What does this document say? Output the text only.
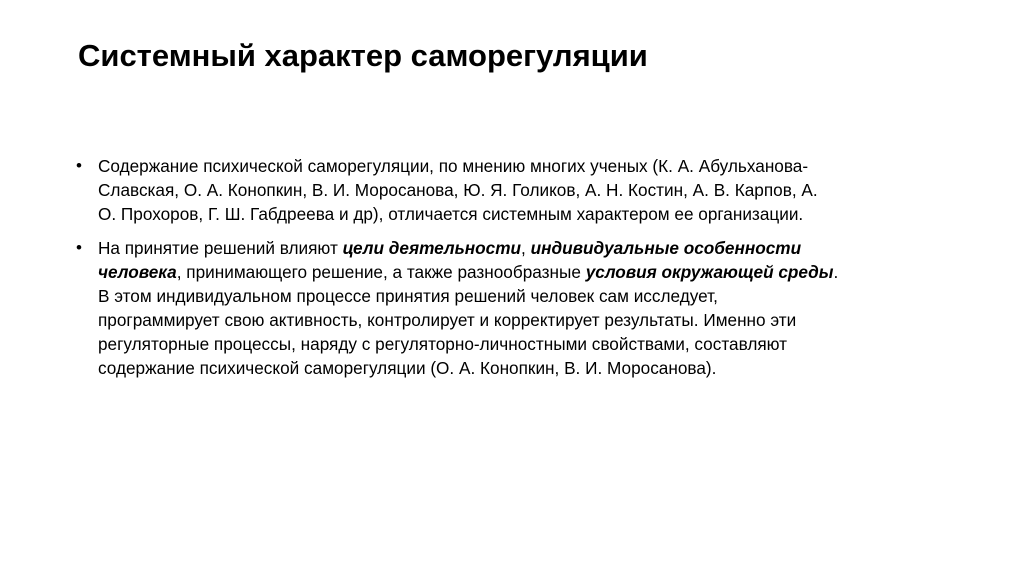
Системный характер саморегуляции
• Содержание психической саморегуляции, по мнению многих ученых (К. А. Абульханова-Славская, О. А. Конопкин, В. И. Моросанова, Ю. Я. Голиков, А. Н. Костин, А. В. Карпов, А. О. Прохоров, Г. Ш. Габдреева и др), отличается системным характером ее организации.
• На принятие решений влияют цели деятельности, индивидуальные особенности человека, принимающего решение, а также разнообразные условия окружающей среды. В этом индивидуальном процессе принятия решений человек сам исследует, программирует свою активность, контролирует и корректирует результаты. Именно эти регуляторные процессы, наряду с регуляторно-личностными свойствами, составляют содержание психической саморегуляции (О. А. Конопкин, В. И. Моросанова).
